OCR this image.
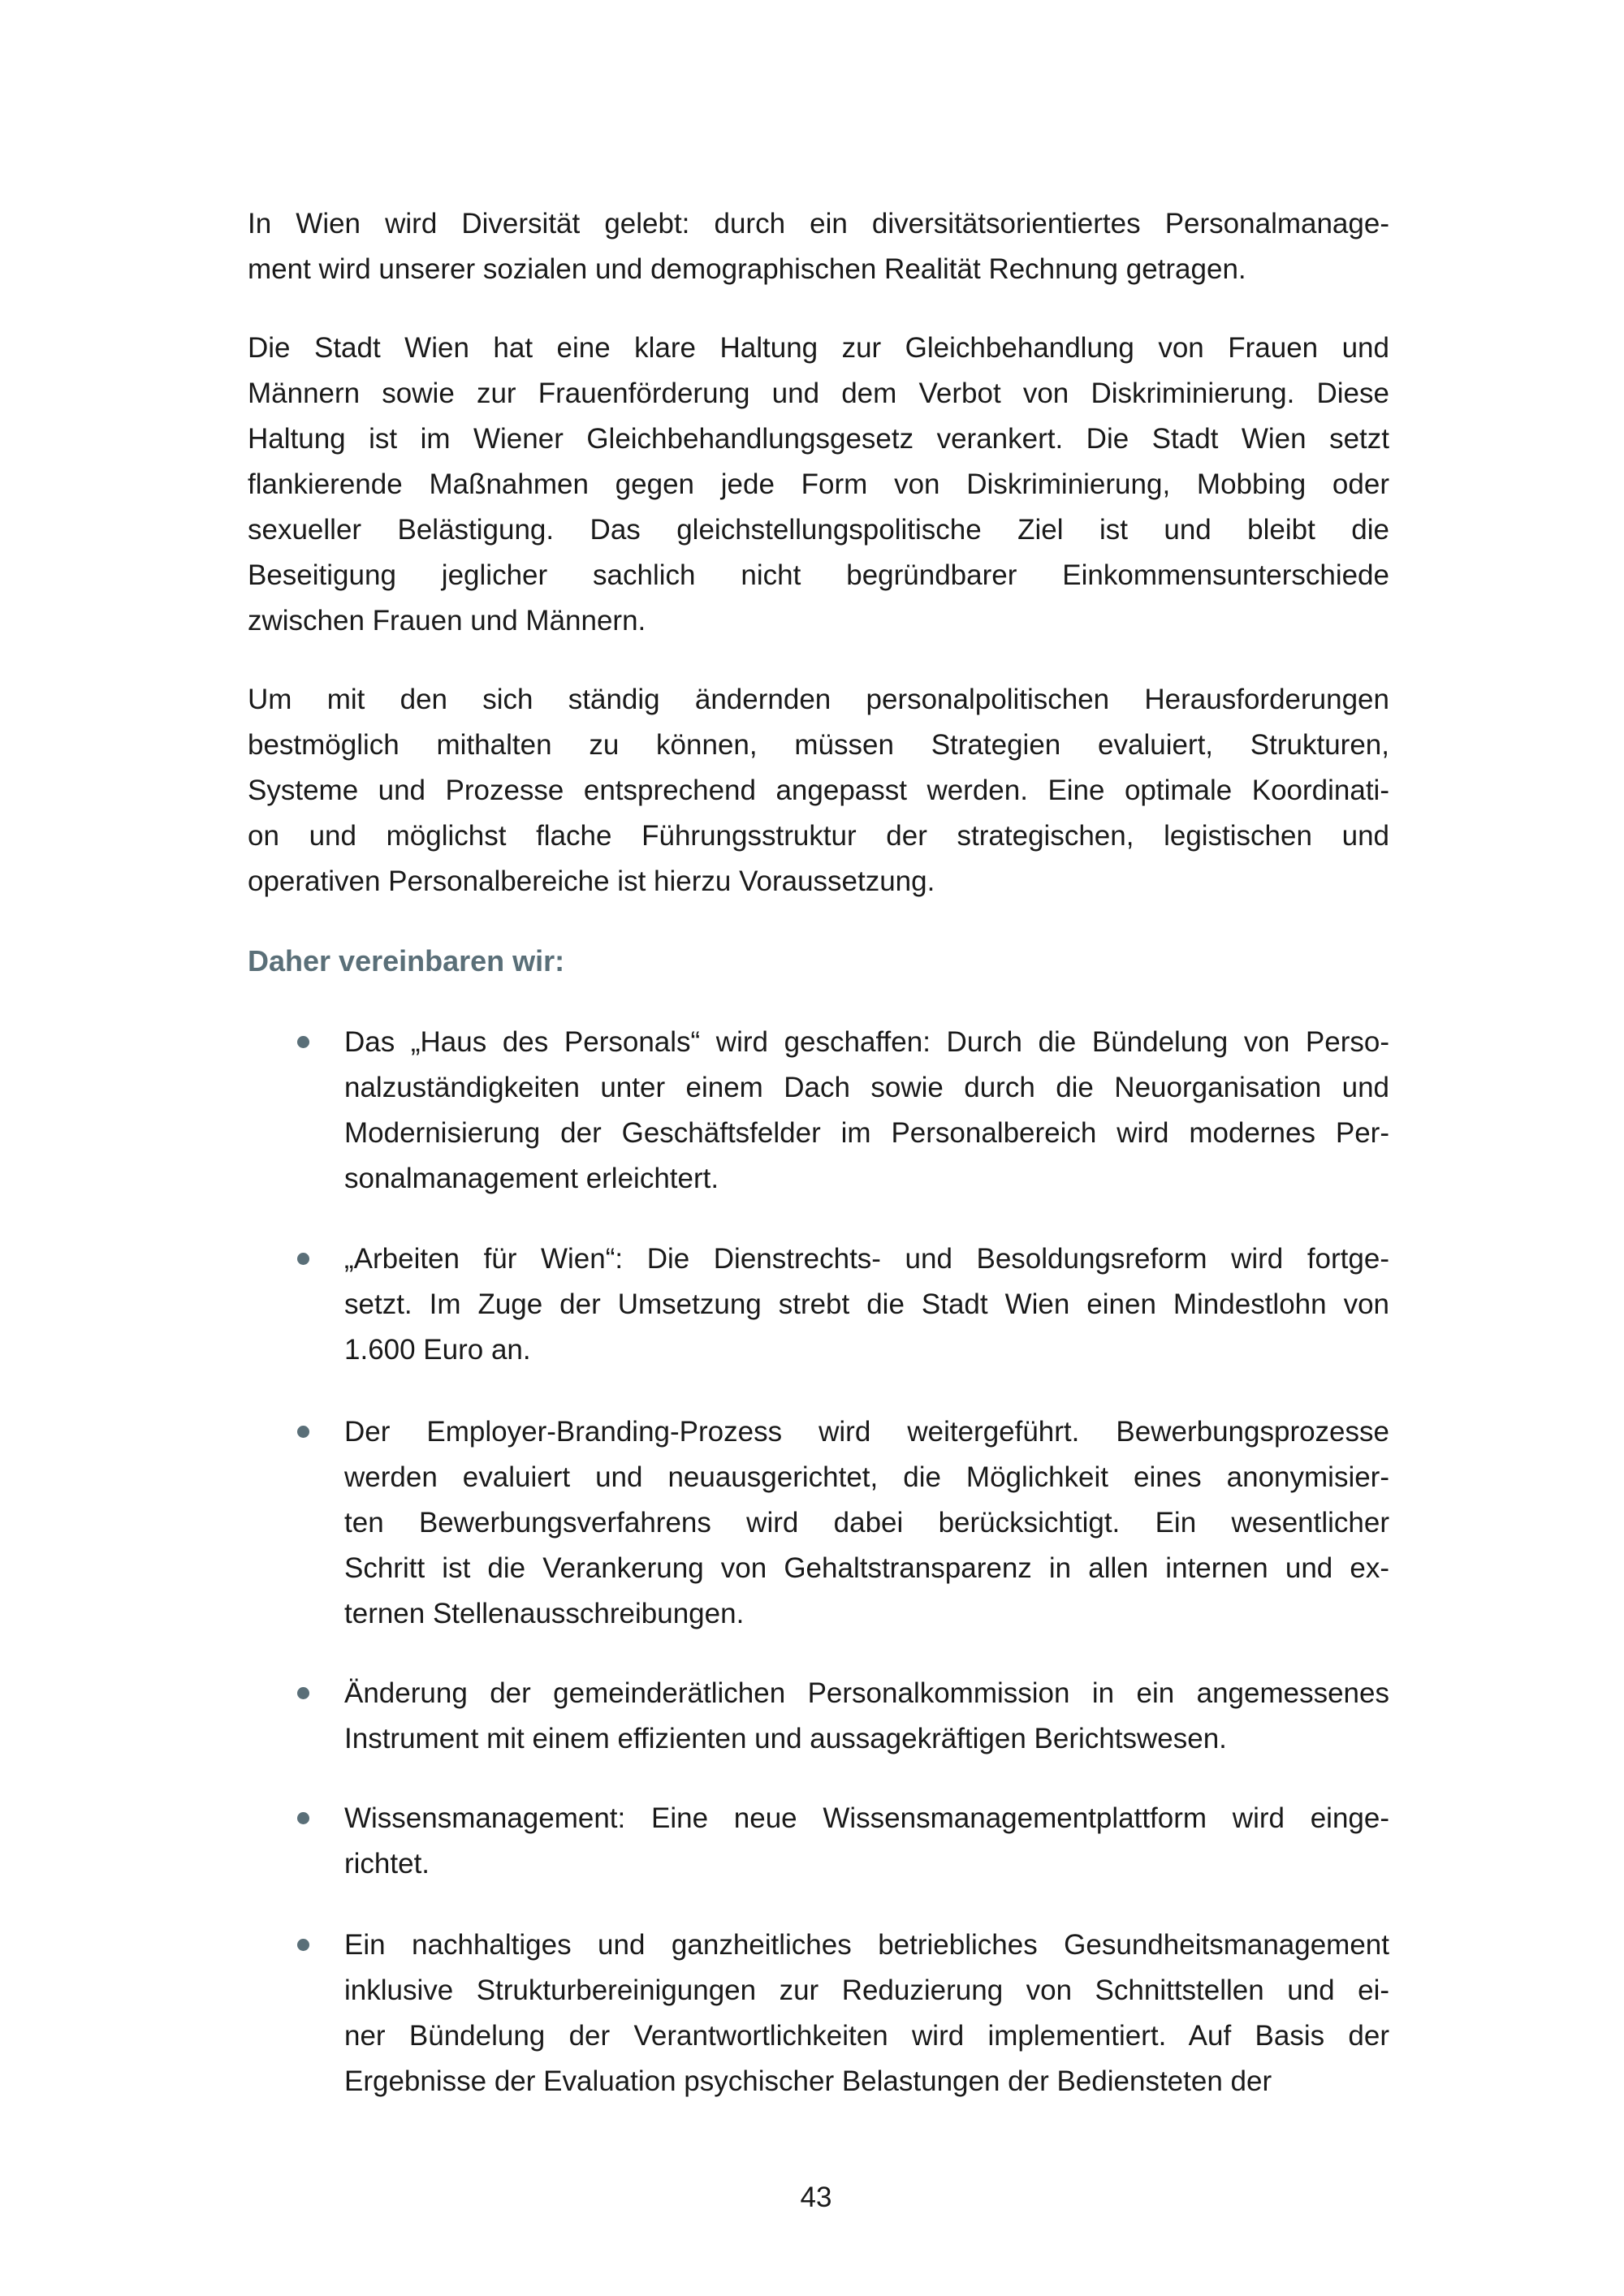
In Wien wird Diversität gelebt: durch ein diversitätsorientiertes Personalmanage-
ment wird unserer sozialen und demographischen Realität Rechnung getragen.
Die Stadt Wien hat eine klare Haltung zur Gleichbehandlung von Frauen und
Männern sowie zur Frauenförderung und dem Verbot von Diskriminierung. Diese
Haltung ist im Wiener Gleichbehandlungsgesetz verankert. Die Stadt Wien setzt
flankierende Maßnahmen gegen jede Form von Diskriminierung, Mobbing oder
sexueller Belästigung. Das gleichstellungspolitische Ziel ist und bleibt die
Beseitigung jeglicher sachlich nicht begründbarer Einkommensunterschiede
zwischen Frauen und Männern.
Um mit den sich ständig ändernden personalpolitischen Herausforderungen
bestmöglich mithalten zu können, müssen Strategien evaluiert, Strukturen,
Systeme und Prozesse entsprechend angepasst werden. Eine optimale Koordinati-
on und möglichst flache Führungsstruktur der strategischen, legistischen und
operativen Personalbereiche ist hierzu Voraussetzung.
Das „Haus des Personals“ wird geschaffen: Durch die Bündelung von Perso-
nalzuständigkeiten unter einem Dach sowie durch die Neuorganisation und
Modernisierung der Geschäftsfelder im Personalbereich wird modernes Per-
sonalmanagement erleichtert.
„Arbeiten für Wien“: Die Dienstrechts- und Besoldungsreform wird fortge-
setzt. Im Zuge der Umsetzung strebt die Stadt Wien einen Mindestlohn von
1.600 Euro an.
Der Employer-Branding-Prozess wird weitergeführt. Bewerbungsprozesse
werden evaluiert und neuausgerichtet, die Möglichkeit eines anonymisier-
ten Bewerbungsverfahrens wird dabei berücksichtigt. Ein wesentlicher
Schritt ist die Verankerung von Gehaltstransparenz in allen internen und ex-
ternen Stellenausschreibungen.
Änderung der gemeinderätlichen Personalkommission in ein angemessenes
Instrument mit einem effizienten und aussagekräftigen Berichtswesen.
Wissensmanagement: Eine neue Wissensmanagementplattform wird einge-
richtet.
Ein nachhaltiges und ganzheitliches betriebliches Gesundheitsmanagement
inklusive Strukturbereinigungen zur Reduzierung von Schnittstellen und ei-
ner Bündelung der Verantwortlichkeiten wird implementiert. Auf Basis der
Ergebnisse der Evaluation psychischer Belastungen der Bediensteten der
Daher vereinbaren wir:
43
